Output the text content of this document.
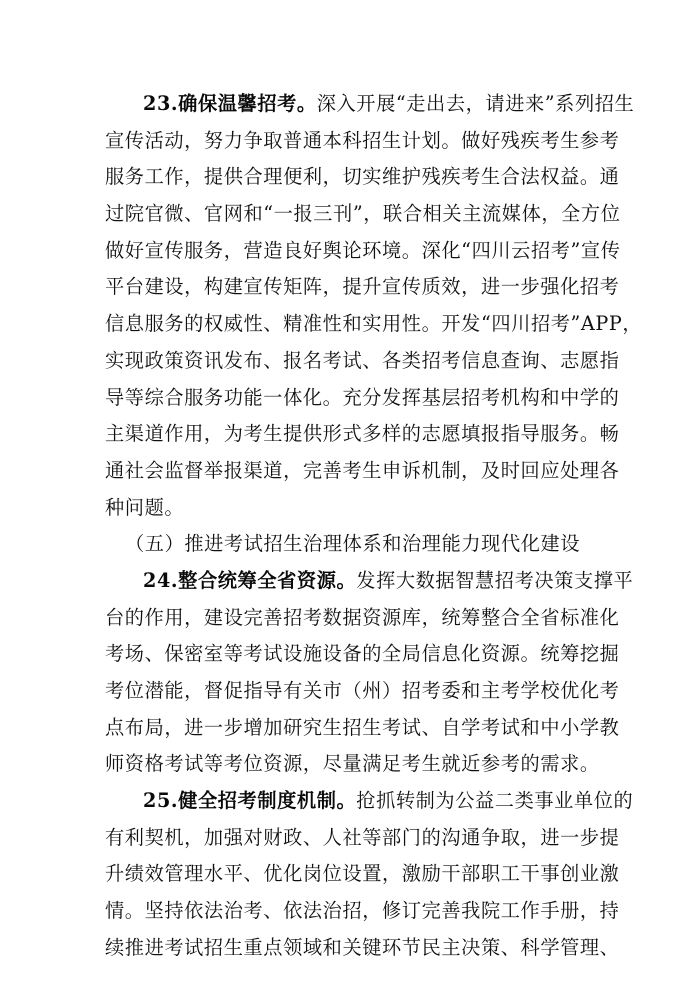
23.确保温馨招考。深入开展“走出去，请进来”系列招生
宣传活动，努力争取普通本科招生计划。做好残疾考生参考
服务工作，提供合理便利，切实维护残疾考生合法权益。通
过院官微、官网和“一报三刊”，联合相关主流媒体，全方位
做好宣传服务，营造良好舆论环境。深化“四川云招考”宣传
平台建设，构建宣传矩阵，提升宣传质效，进一步强化招考
信息服务的权威性、精准性和实用性。开发“四川招考”APP，
实现政策资讯发布、报名考试、各类招考信息查询、志愿指
导等综合服务功能一体化。充分发挥基层招考机构和中学的
主渠道作用，为考生提供形式多样的志愿填报指导服务。畅
通社会监督举报渠道，完善考生申诉机制，及时回应处理各
种问题。
（五）推进考试招生治理体系和治理能力现代化建设
24.整合统筹全省资源。发挥大数据智慧招考决策支撑平
台的作用，建设完善招考数据资源库，统筹整合全省标准化
考场、保密室等考试设施设备的全局信息化资源。统筹挖掘
考位潜能，督促指导有关市（州）招考委和主考学校优化考
点布局，进一步增加研究生招生考试、自学考试和中小学教
师资格考试等考位资源，尽量满足考生就近参考的需求。
25.健全招考制度机制。抢抓转制为公益二类事业单位的
有利契机，加强对财政、人社等部门的沟通争取，进一步提
升绩效管理水平、优化岗位设置，激励干部职工干事创业激
情。坚持依法治考、依法治招，修订完善我院工作手册，持
续推进考试招生重点领域和关键环节民主决策、科学管理、
